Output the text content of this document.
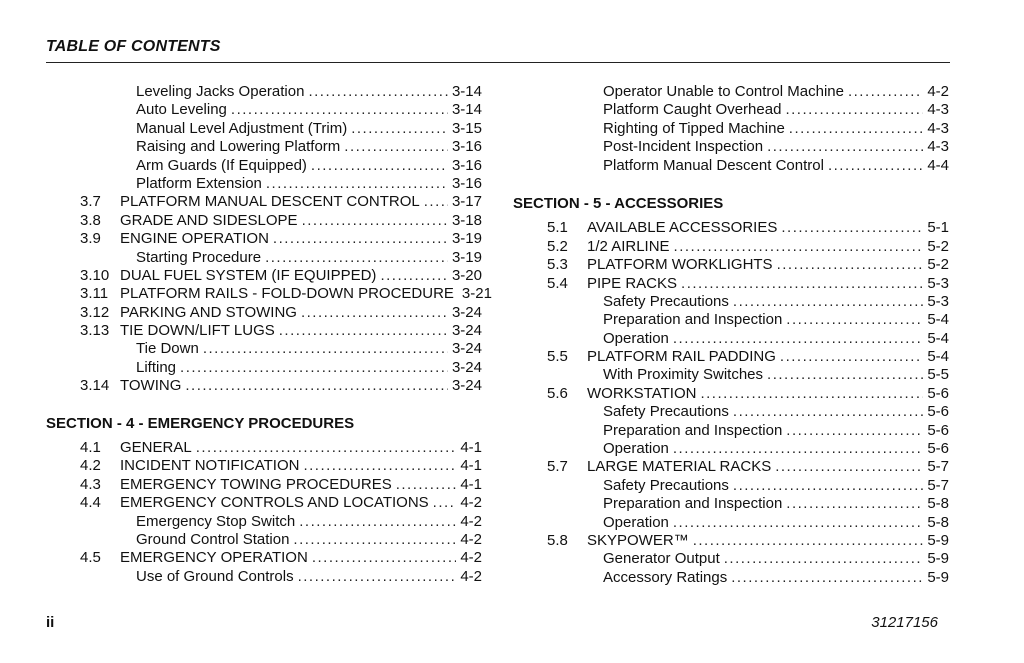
TABLE OF CONTENTS
Leveling Jacks Operation .....	3-14
Auto Leveling .....	3-14
Manual Level Adjustment (Trim) .....	3-15
Raising and Lowering Platform .....	3-16
Arm Guards (If Equipped) .....	3-16
Platform Extension .....	3-16
3.7	PLATFORM MANUAL DESCENT CONTROL ..... 3-17
3.8	GRADE AND SIDESLOPE .....	3-18
3.9	ENGINE OPERATION .....	3-19
Starting Procedure .....	3-19
3.10 DUAL FUEL SYSTEM (IF EQUIPPED) .....	3-20
3.11 PLATFORM RAILS - FOLD-DOWN PROCEDURE 3-21
3.12 PARKING AND STOWING .....	3-24
3.13 TIE DOWN/LIFT LUGS .....	3-24
Tie Down .....	3-24
Lifting .....	3-24
3.14 TOWING .....	3-24
SECTION - 4 - EMERGENCY PROCEDURES
4.1	GENERAL .....	4-1
4.2	INCIDENT NOTIFICATION .....	4-1
4.3	EMERGENCY TOWING PROCEDURES .....	4-1
4.4	EMERGENCY CONTROLS AND LOCATIONS ..... 4-2
Emergency Stop Switch .....	4-2
Ground Control Station .....	4-2
4.5	EMERGENCY OPERATION .....	4-2
Use of Ground Controls .....	4-2
Operator Unable to Control Machine .....	4-2
Platform Caught Overhead .....	4-3
Righting of Tipped Machine .....	4-3
Post-Incident Inspection .....	4-3
Platform Manual Descent Control .....	4-4
SECTION - 5 - ACCESSORIES
5.1	AVAILABLE ACCESSORIES .....	5-1
5.2	1/2 AIRLINE .....	5-2
5.3	PLATFORM WORKLIGHTS .....	5-2
5.4	PIPE RACKS .....	5-3
Safety Precautions .....	5-3
Preparation and Inspection .....	5-4
Operation .....	5-4
5.5	PLATFORM RAIL PADDING .....	5-4
With Proximity Switches .....	5-5
5.6	WORKSTATION .....	5-6
Safety Precautions .....	5-6
Preparation and Inspection .....	5-6
Operation .....	5-6
5.7	LARGE MATERIAL RACKS .....	5-7
Safety Precautions .....	5-7
Preparation and Inspection .....	5-8
Operation .....	5-8
5.8	SKYPOWER™ .....	5-9
Generator Output .....	5-9
Accessory Ratings .....	5-9
ii	31217156
